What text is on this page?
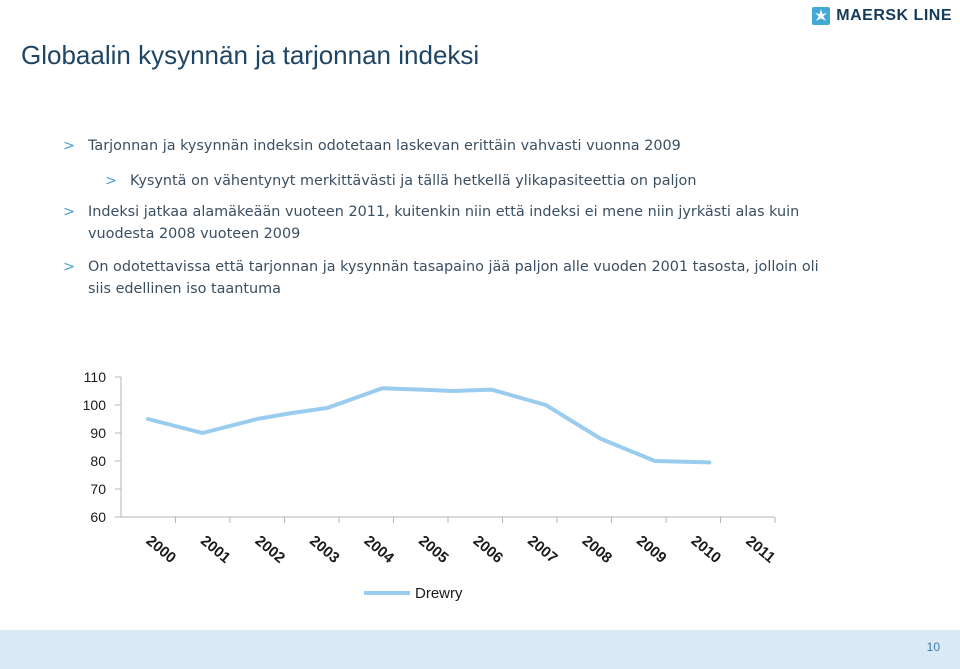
MAERSK LINE
Globaalin kysynnän ja tarjonnan indeksi
> Tarjonnan ja kysynnän indeksin odotetaan laskevan erittäin vahvasti vuonna 2009
> Kysyntä on vähentynyt merkittävästi ja tällä hetkellä ylikapasiteettia on paljon
> Indeksi jatkaa alamäkeään vuoteen 2011, kuitenkin niin että indeksi ei mene niin jyrkästi alas kuin
vuodesta 2008 vuoteen 2009
> On odotettavissa että tarjonnan ja kysynnän tasapaino jää paljon alle vuoden 2001 tasosta, jolloin oli
siis edellinen iso taantuma
60
70
80
90
100
110
2000 2001 2002 2003 2004 2005 2006 2007 2008 2009 2010 2011
Drewry
10
